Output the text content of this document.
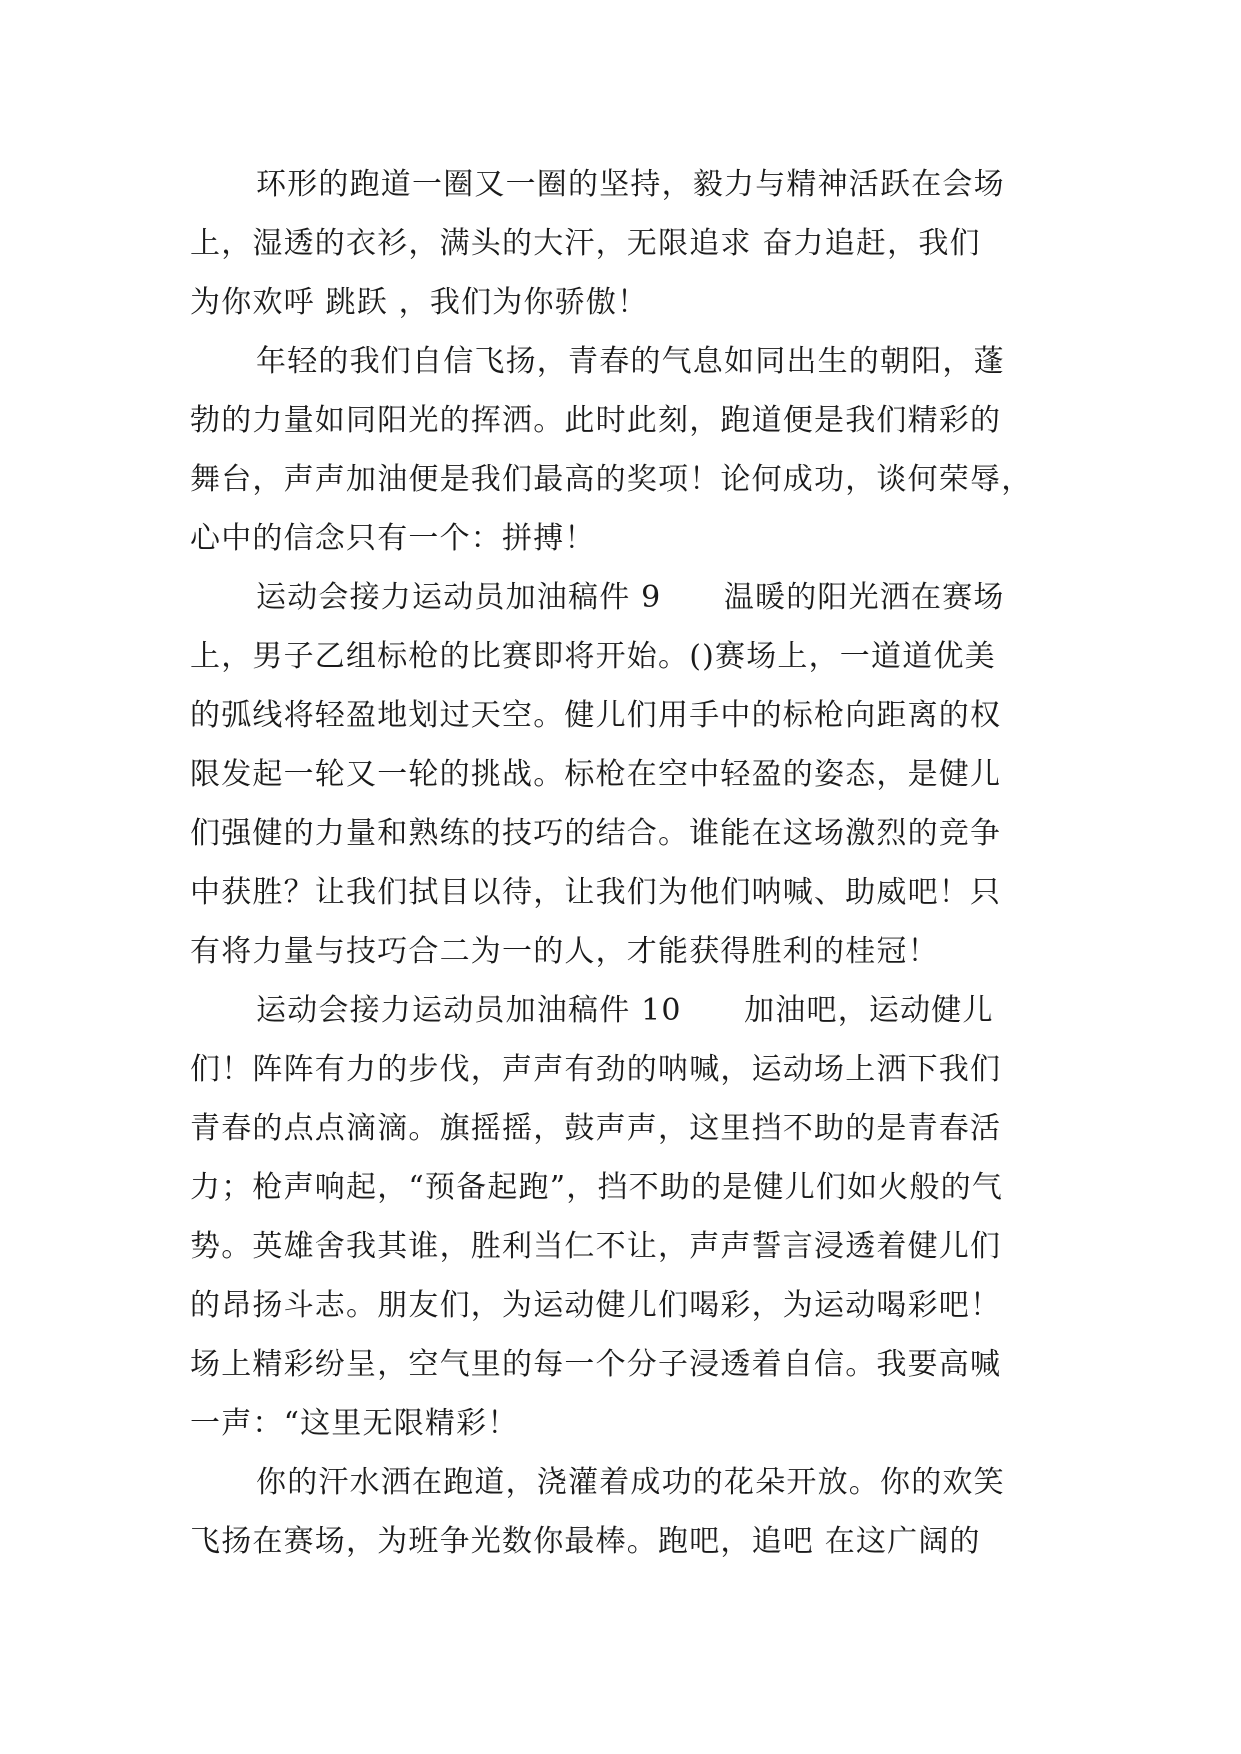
环形的跑道一圈又一圈的坚持，毅力与精神活跃在会场
上，湿透的衣衫，满头的大汗，无限追求 奋力追赶，我们
为你欢呼 跳跃 ，我们为你骄傲！

年轻的我们自信飞扬，青春的气息如同出生的朝阳，蓬
勃的力量如同阳光的挥洒。此时此刻，跑道便是我们精彩的
舞台，声声加油便是我们最高的奖项！论何成功，谈何荣辱，
心中的信念只有一个：拼搏！

运动会接力运动员加油稿件 9　　温暖的阳光洒在赛场
上，男子乙组标枪的比赛即将开始。()赛场上，一道道优美
的弧线将轻盈地划过天空。健儿们用手中的标枪向距离的权
限发起一轮又一轮的挑战。标枪在空中轻盈的姿态，是健儿
们强健的力量和熟练的技巧的结合。谁能在这场激烈的竞争
中获胜？让我们拭目以待，让我们为他们呐喊、助威吧！只
有将力量与技巧合二为一的人，才能获得胜利的桂冠！

运动会接力运动员加油稿件 10　　加油吧，运动健儿
们！阵阵有力的步伐，声声有劲的呐喊，运动场上洒下我们
青春的点点滴滴。旗摇摇，鼓声声，这里挡不助的是青春活
力；枪声响起，“预备起跑”，挡不助的是健儿们如火般的气
势。英雄舍我其谁，胜利当仁不让，声声誓言浸透着健儿们
的昂扬斗志。朋友们，为运动健儿们喝彩，为运动喝彩吧！
场上精彩纷呈，空气里的每一个分子浸透着自信。我要高喊
一声：“这里无限精彩！

你的汗水洒在跑道，浇灌着成功的花朵开放。你的欢笑
飞扬在赛场，为班争光数你最棒。跑吧，追吧 在这广阔的
